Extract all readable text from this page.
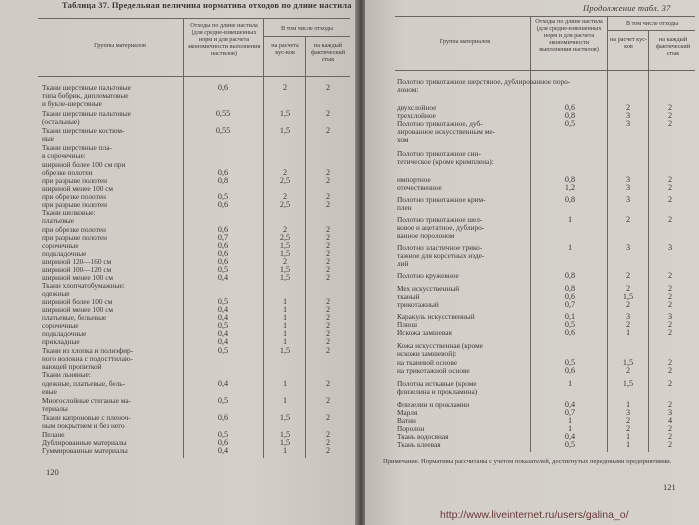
Таблица 37. Предельная величина норматива отходов по длине настила
Группы материалов
Отходы по длине настила (для средне-взвешенных норм и для расчета экономичности вьполнения настилов)
В том числе отходы
на расчета кус-ков
на каждый фактический стык
Ткани шерстяные пальтовые	0,6	2	2
типа бобрик, дипломатовые
и букле-шерстяные
Ткани шерстяные пальтовые	0,55	1,5	2
(остальные)
Ткани шерстяные костюм-	0,55	1,5	2
ные
Ткани шерстяные пла-
в сорочечные:
шириной более 100 см при
обрезке полотен	0,6	2	2
при разрыве полотен	0,8	2,5	2
шириной менее 100 см
при обрезке полотен	0,5	2	2
при разрыве полотен	0,6	2,5	2
Ткани шелковые:
платьевые
при обрезке полотен	0,6	2	2
при разрыве полотен	0,7	2,5	2
сорочечные	0,6	1,5	2
подкладочные	0,6	1,5	2
шириной 120—160 см	0,6	2	2
шириной 100—120 см	0,5	1,5	2
шириной менее 100 см	0,4	1,5	2
Ткани хлопчатобумажные:
одежные
шириной более 100 см	0,5	1	2
шириной менее 100 см	0,4	1	2
платьевые, бельевые	0,4	1	2
сорочечные	0,5	1	2
подкладочные	0,4	1	2
прикладные	0,4	1	2
Ткани из хлопка и полиэфир-	0,5	1,5	2
ного волокна с подосттилаю-
вающей пропиткой
Ткани льняные:
одежные, платьевые, бель-	0,4	1	2
евые
Многослойные стеганые ма-	0,5	1	2
териалы
Ткани капроновые с пленоч-	0,6	1,5	2
ным покрытием и без него
Пелане	0,5	1,5	2
Дублированные материалы	0,6	1,5	2
Гуммированные материалы	0,4	1	2
120
Продолжение табл. 37
Группа материалов
Отходы по длине настила (для средне-взвешенных норм и для расчета экономичности выполнения настилов)
В том числе отходы
на расчет кус-ков
на каждый фактический стык
Полотно трикотажное шерстяное, дублированное поро-
лоном:
двухслойное	0,6	2	2
трехслойное	0,8	3	2
Полотно трикотажное, дуб-	0,5	3	2
лированное искусственным ме-
хом
Полотно трикотажное син-
тетическое (кроме кримплена):
импортное	0,8	3	2
отечественное	1,2	3	2
Полотно трикотажное крим-	0,8	3	2
плен
Полотно трикотажное шел-	1	2	2
ковое и ацетатное, дублиро-
ванное поролоном
Полотно эластичное трико-	1	3	3
тажное для корсетных изде-
лий
Полотно кружевное	0,8	2	2
Мех искусственный	0,8	2	2
тканый	0,6	1,5	2
трикотажный	0,7	2	2
Каракуль искусственный	0,1	3	3
Плюш	0,5	2	2
Искожа замшевая	0,6	1	2
Кожа искусственная (кроме
искожи замшевой):
на тканевой основе	0,5	1,5	2
на трикотажной основе	0,6	2	2
Полотна исткавые (кроме	1	1,5	2
флизелина и прокламина)
Флизелин и прокламин	0,4	1	2
Марля	0,7	3	3
Ватин	1	2	4
Поролон	1	2	2
Ткань водосяная	0,4	1	2
Ткань клеевая	0,5	1	2
Примечание. Нормативы рассчитаны с учетом показателей, достигнутых передовыми предприятиями.
121
http://www.liveinternet.ru/users/galina_o/
